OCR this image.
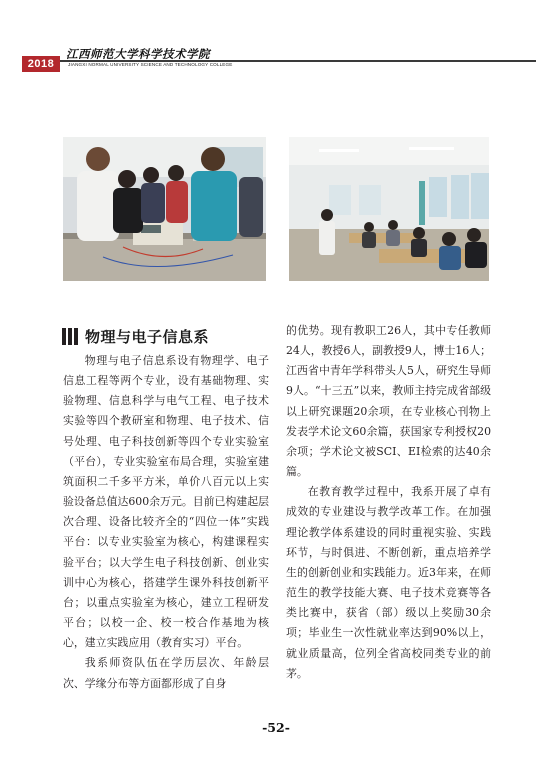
2018
江西师范大学科学技术学院
JIANGXI NORMAL UNIVERSITY SCIENCE AND TECHNOLOGY COLLEGE
物理与电子信息系

物理与电子信息系设有物理学、电子信息工程等两个专业，设有基础物理、实验物理、信息科学与电气工程、电子技术实验等四个教研室和物理、电子技术、信号处理、电子科技创新等四个专业实验室（平台），专业实验室布局合理，实验室建筑面积二千多平方米，单价八百元以上实验设备总值达600余万元。目前已构建起层次合理、设备比较齐全的“四位一体”实践平台：以专业实验室为核心，构建课程实验平台；以大学生电子科技创新、创业实训中心为核心，搭建学生课外科技创新平台；以重点实验室为核心，建立工程研发平台；以校一企、校一校合作基地为核心，建立实践应用（教育实习）平台。

我系师资队伍在学历层次、年龄层次、学缘分布等方面都形成了自身

的优势。现有教职工26人，其中专任教师24人，教授6人，副教授9人，博士16人；江西省中青年学科带头人5人，研究生导师9人。“十三五”以来，教师主持完成省部级以上研究课题20余项，在专业核心刊物上发表学术论文60余篇，获国家专利授权20余项；学术论文被SCI、EI检索的达40余篇。

在教育教学过程中，我系开展了卓有成效的专业建设与教学改革工作。在加强理论教学体系建设的同时重视实验、实践环节，与时俱进、不断创新，重点培养学生的创新创业和实践能力。近3年来，在师范生的教学技能大赛、电子技术竞赛等各类比赛中，获省（部）级以上奖励30余项；毕业生一次性就业率达到90%以上，就业质量高，位列全省高校同类专业的前茅。

-52-
